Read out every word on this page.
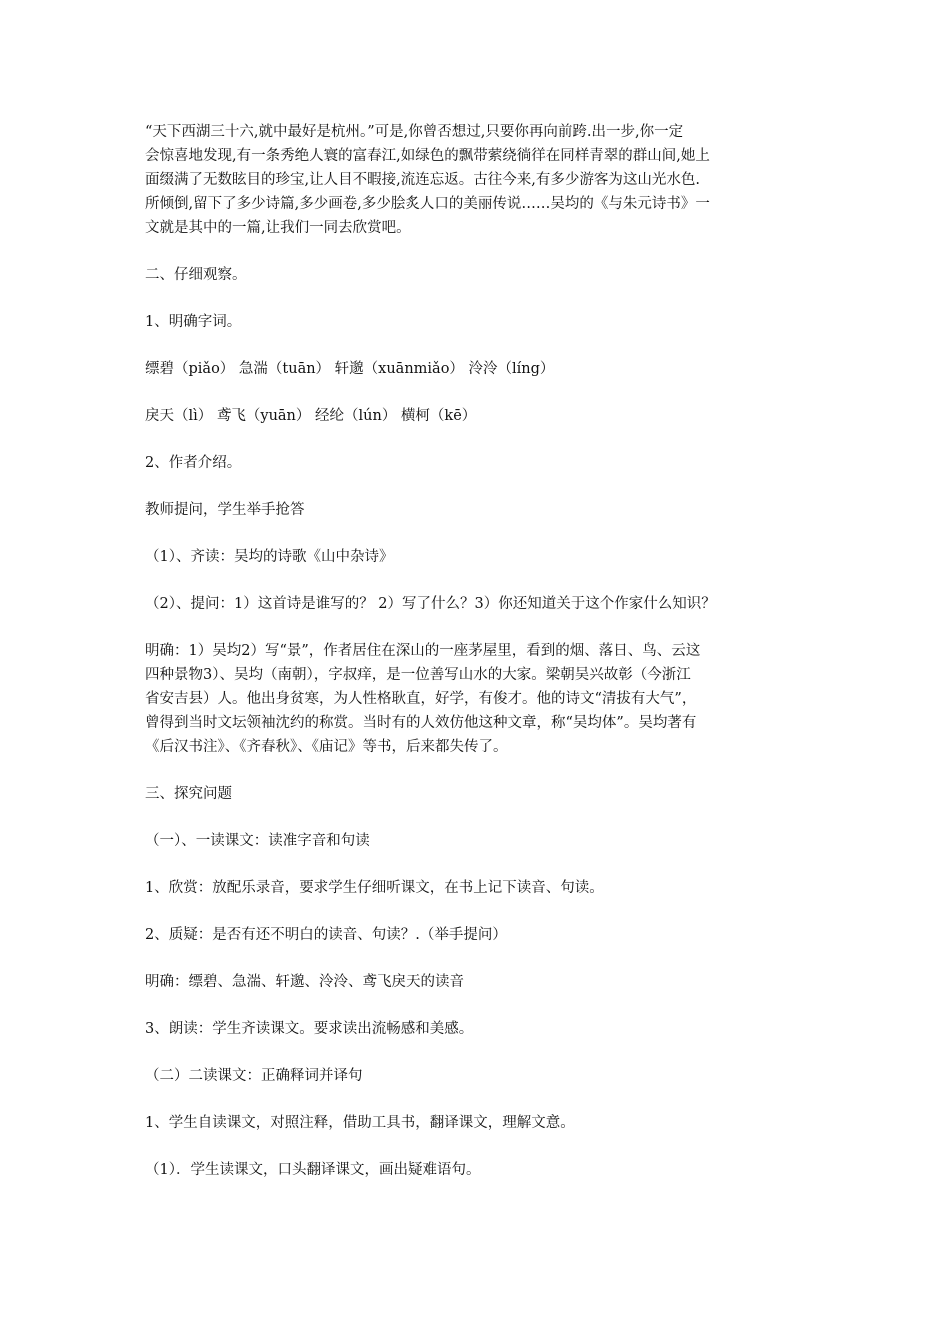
“天下西湖三十六,就中最好是杭州。”可是,你曾否想过,只要你再向前跨.出一步,你一定
会惊喜地发现,有一条秀绝人寰的富春江,如绿色的飘带萦绕徜徉在同样青翠的群山间,她上
面缀满了无数眩目的珍宝,让人目不暇接,流连忘返。古往今来,有多少游客为这山光水色.
所倾倒,留下了多少诗篇,多少画卷,多少脍炙人口的美丽传说……吴均的《与朱元诗书》一
文就是其中的一篇,让我们一同去欣赏吧。

二、仔细观察。

1、明确字词。

缥碧（piǎo） 急湍（tuān） 轩邈（xuānmiǎo） 泠泠（líng）

戾天（lì） 鸢飞（yuān） 经纶（lún） 横柯（kē）

2、作者介绍。

教师提问，学生举手抢答

（1）、齐读：吴均的诗歌《山中杂诗》

（2）、提问：1）这首诗是谁写的？ 2）写了什么？3）你还知道关于这个作家什么知识？

明确：1）吴均2）写“景”，作者居住在深山的一座茅屋里，看到的烟、落日、鸟、云这
四种景物3）、吴均（南朝），字叔痒，是一位善写山水的大家。梁朝吴兴故彰（今浙江
省安吉县）人。他出身贫寒，为人性格耿直，好学，有俊才。他的诗文“清拔有大气”，
曾得到当时文坛领袖沈约的称赏。当时有的人效仿他这种文章，称“吴均体”。吴均著有
《后汉书注》、《齐春秋》、《庙记》等书，后来都失传了。

三、探究问题

（一）、一读课文：读准字音和句读

1、欣赏：放配乐录音，要求学生仔细听课文，在书上记下读音、句读。

2、质疑：是否有还不明白的读音、句读？.（举手提问）

明确：缥碧、急湍、轩邈、泠泠、鸢飞戾天的读音

3、朗读：学生齐读课文。要求读出流畅感和美感。

（二）二读课文：正确释词并译句

1、学生自读课文，对照注释，借助工具书，翻译课文，理解文意。

（1）．学生读课文，口头翻译课文，画出疑难语句。
